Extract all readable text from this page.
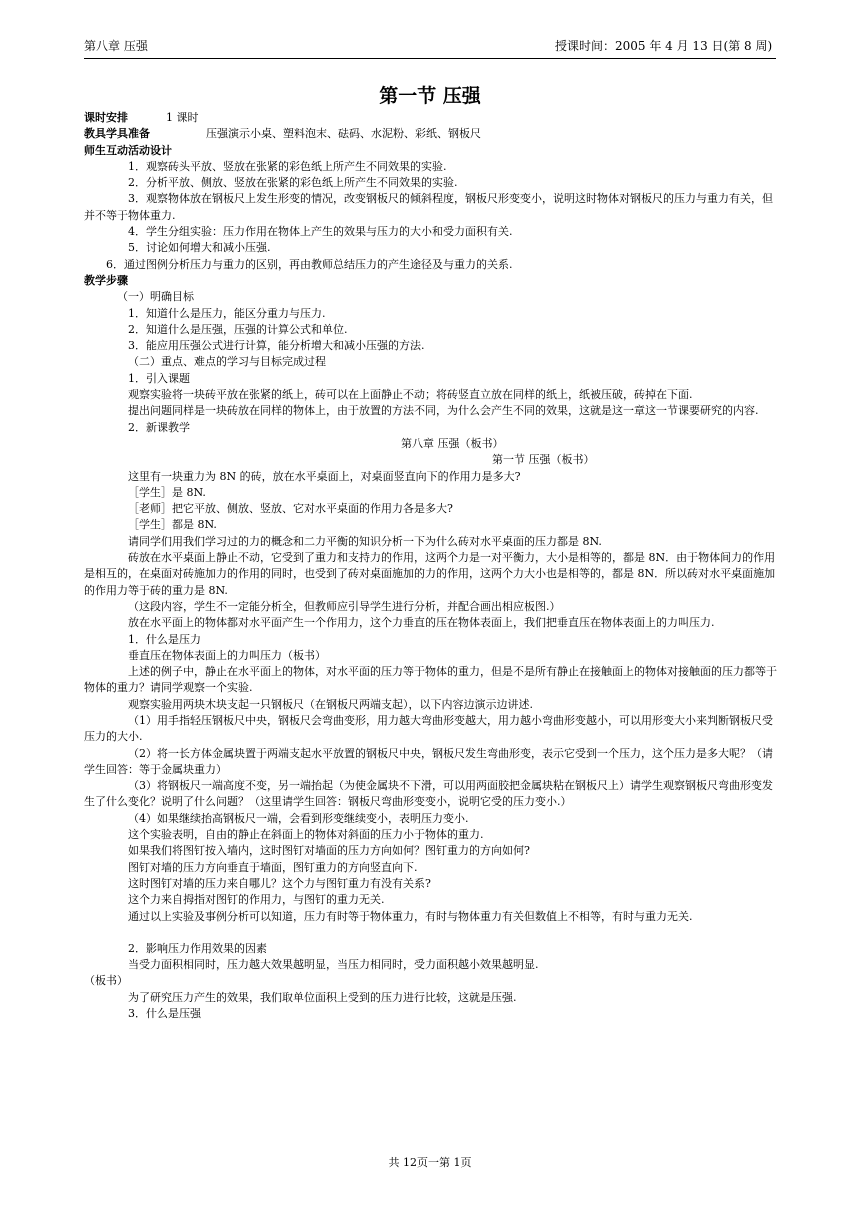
第八章 压强	授课时间：2005 年 4 月 13 日(第 8 周)
第一节 压强
课时安排	1 课时
教具学具准备	压强演示小桌、塑料泡末、砝码、水泥粉、彩纸、钢板尺

师生互动活动设计

1．观察砖头平放、竖放在张紧的彩色纸上所产生不同效果的实验.

2．分析平放、侧放、竖放在张紧的彩色纸上所产生不同效果的实验.

3．观察物体放在钢板尺上发生形变的情况，改变钢板尺的倾斜程度，钢板尺形变变小，说明这时物体对钢板尺的压力与重力有关，但并不等于物体重力.

4．学生分组实验：压力作用在物体上产生的效果与压力的大小和受力面积有关.

5．讨论如何增大和减小压强.

6．通过图例分析压力与重力的区别，再由教师总结压力的产生途径及与重力的关系.

教学步骤

（一）明确目标

1．知道什么是压力，能区分重力与压力.

2．知道什么是压强，压强的计算公式和单位.

3．能应用压强公式进行计算，能分析增大和减小压强的方法.

（二）重点、难点的学习与目标完成过程

1．引入课题

观察实验将一块砖平放在张紧的纸上，砖可以在上面静止不动；将砖竖直立放在同样的纸上，纸被压破，砖掉在下面.

提出问题同样是一块砖放在同样的物体上，由于放置的方法不同，为什么会产生不同的效果，这就是这一章这一节课要研究的内容.

2．新课教学

第八章 压强（板书）

第一节 压强（板书）

这里有一块重力为 8N 的砖，放在水平桌面上，对桌面竖直向下的作用力是多大?

［学生］是 8N.

［老师］把它平放、侧放、竖放、它对水平桌面的作用力各是多大?

［学生］都是 8N.

请同学们用我们学习过的力的概念和二力平衡的知识分析一下为什么砖对水平桌面的压力都是 8N.

砖放在水平桌面上静止不动，它受到了重力和支持力的作用，这两个力是一对平衡力，大小是相等的，都是 8N．由于物体间力的作用是相互的，在桌面对砖施加力的作用的同时，也受到了砖对桌面施加的力的作用，这两个力大小也是相等的，都是 8N．所以砖对水平桌面施加的作用力等于砖的重力是 8N.

（这段内容，学生不一定能分析全，但教师应引导学生进行分析，并配合画出相应板图.）

放在水平面上的物体都对水平面产生一个作用力，这个力垂直的压在物体表面上，我们把垂直压在物体表面上的力叫压力.

1．什么是压力

垂直压在物体表面上的力叫压力（板书）

上述的例子中，静止在水平面上的物体，对水平面的压力等于物体的重力，但是不是所有静止在接触面上的物体对接触面的压力都等于物体的重力？请同学观察一个实验.

观察实验用两块木块支起一只钢板尺（在钢板尺两端支起），以下内容边演示边讲述.

（1）用手指轻压钢板尺中央，钢板尺会弯曲变形，用力越大弯曲形变越大，用力越小弯曲形变越小，可以用形变大小来判断钢板尺受压力的大小.

（2）将一长方体金属块置于两端支起水平放置的钢板尺中央，钢板尺发生弯曲形变，表示它受到一个压力，这个压力是多大呢？（请学生回答：等于金属块重力）

（3）将钢板尺一端高度不变，另一端抬起（为使金属块不下滑，可以用两面胶把金属块粘在钢板尺上）请学生观察钢板尺弯曲形变发生了什么变化？说明了什么问题？（这里请学生回答：钢板尺弯曲形变变小，说明它受的压力变小.）

（4）如果继续抬高钢板尺一端，会看到形变继续变小，表明压力变小.

这个实验表明，自由的静止在斜面上的物体对斜面的压力小于物体的重力.

如果我们将图钉按入墙内，这时图钉对墙面的压力方向如何？图钉重力的方向如何?

图钉对墙的压力方向垂直于墙面，图钉重力的方向竖直向下.

这时图钉对墙的压力来自哪儿？这个力与图钉重力有没有关系?

这个力来自拇指对图钉的作用力，与图钉的重力无关.

通过以上实验及事例分析可以知道，压力有时等于物体重力，有时与物体重力有关但数值上不相等，有时与重力无关.

2．影响压力作用效果的因素

当受力面积相同时，压力越大效果越明显，当压力相同时，受力面积越小效果越明显.

（板书）

为了研究压力产生的效果，我们取单位面积上受到的压力进行比较，这就是压强.

3．什么是压强

共 12页一第 1页
